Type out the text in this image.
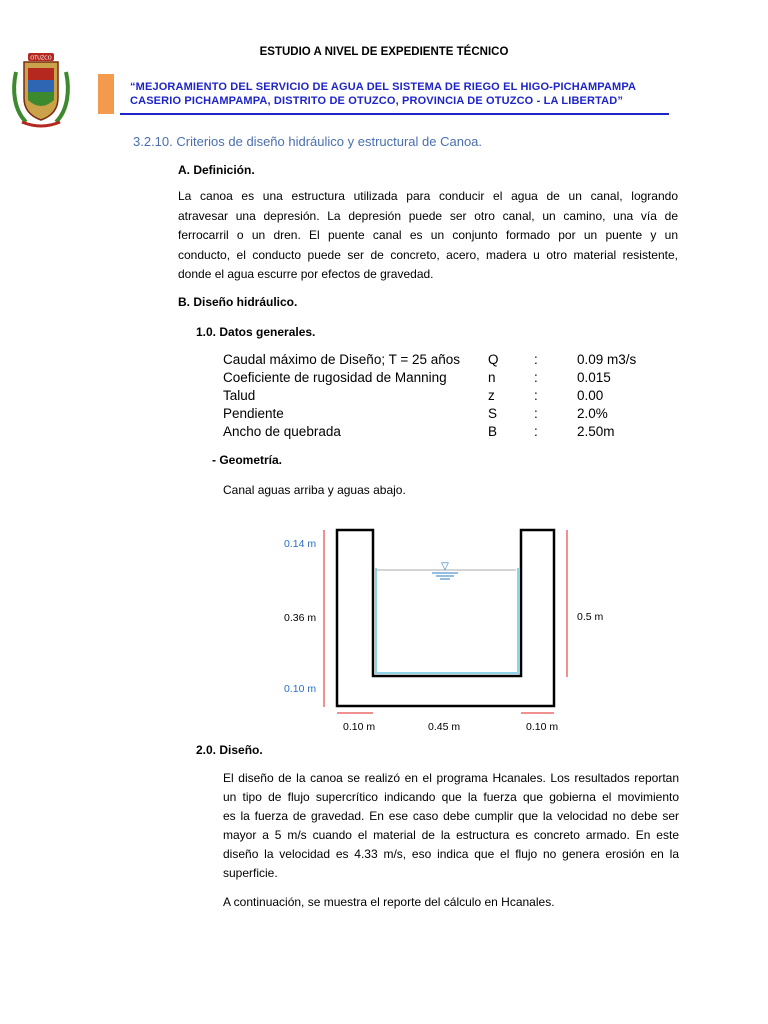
ESTUDIO A NIVEL DE EXPEDIENTE TÉCNICO
OTUZCO
“MEJORAMIENTO DEL SERVICIO DE AGUA DEL SISTEMA DE RIEGO EL HIGO-PICHAMPAMPA
CASERIO PICHAMPAMPA, DISTRITO DE OTUZCO, PROVINCIA DE OTUZCO - LA LIBERTAD”
3.2.10. Criterios de diseño hidráulico y estructural de Canoa.
A. Definición.
La canoa es una estructura utilizada para conducir el agua de un canal, logrando
atravesar una depresión. La depresión puede ser otro canal, un camino, una vía de
ferrocarril o un dren. El puente canal es un conjunto formado por un puente y un
conducto, el conducto puede ser de concreto, acero, madera u otro material resistente,
donde el agua escurre por efectos de gravedad.
B. Diseño hidráulico.
1.0. Datos generales.
Caudal máximo de Diseño; T = 25 años	Q	:	0.09 m3/s
Coeficiente de rugosidad de Manning	n	:	0.015
Talud	z	:	0.00
Pendiente	S	:	2.0%
Ancho de quebrada	B	:	2.50m
- Geometría.
Canal aguas arriba y aguas abajo.
▽
0.14 m
0.36 m
0.10 m
0.5 m
0.10 m	0.45 m	0.10 m
2.0. Diseño.
El diseño de la canoa se realizó en el programa Hcanales. Los resultados reportan
un tipo de flujo supercrítico indicando que la fuerza que gobierna el movimiento
es la fuerza de gravedad. En ese caso debe cumplir que la velocidad no debe ser
mayor a 5 m/s cuando el material de la estructura es concreto armado. En este
diseño la velocidad es 4.33 m/s, eso indica que el flujo no genera erosión en la
superficie.
A continuación, se muestra el reporte del cálculo en Hcanales.
